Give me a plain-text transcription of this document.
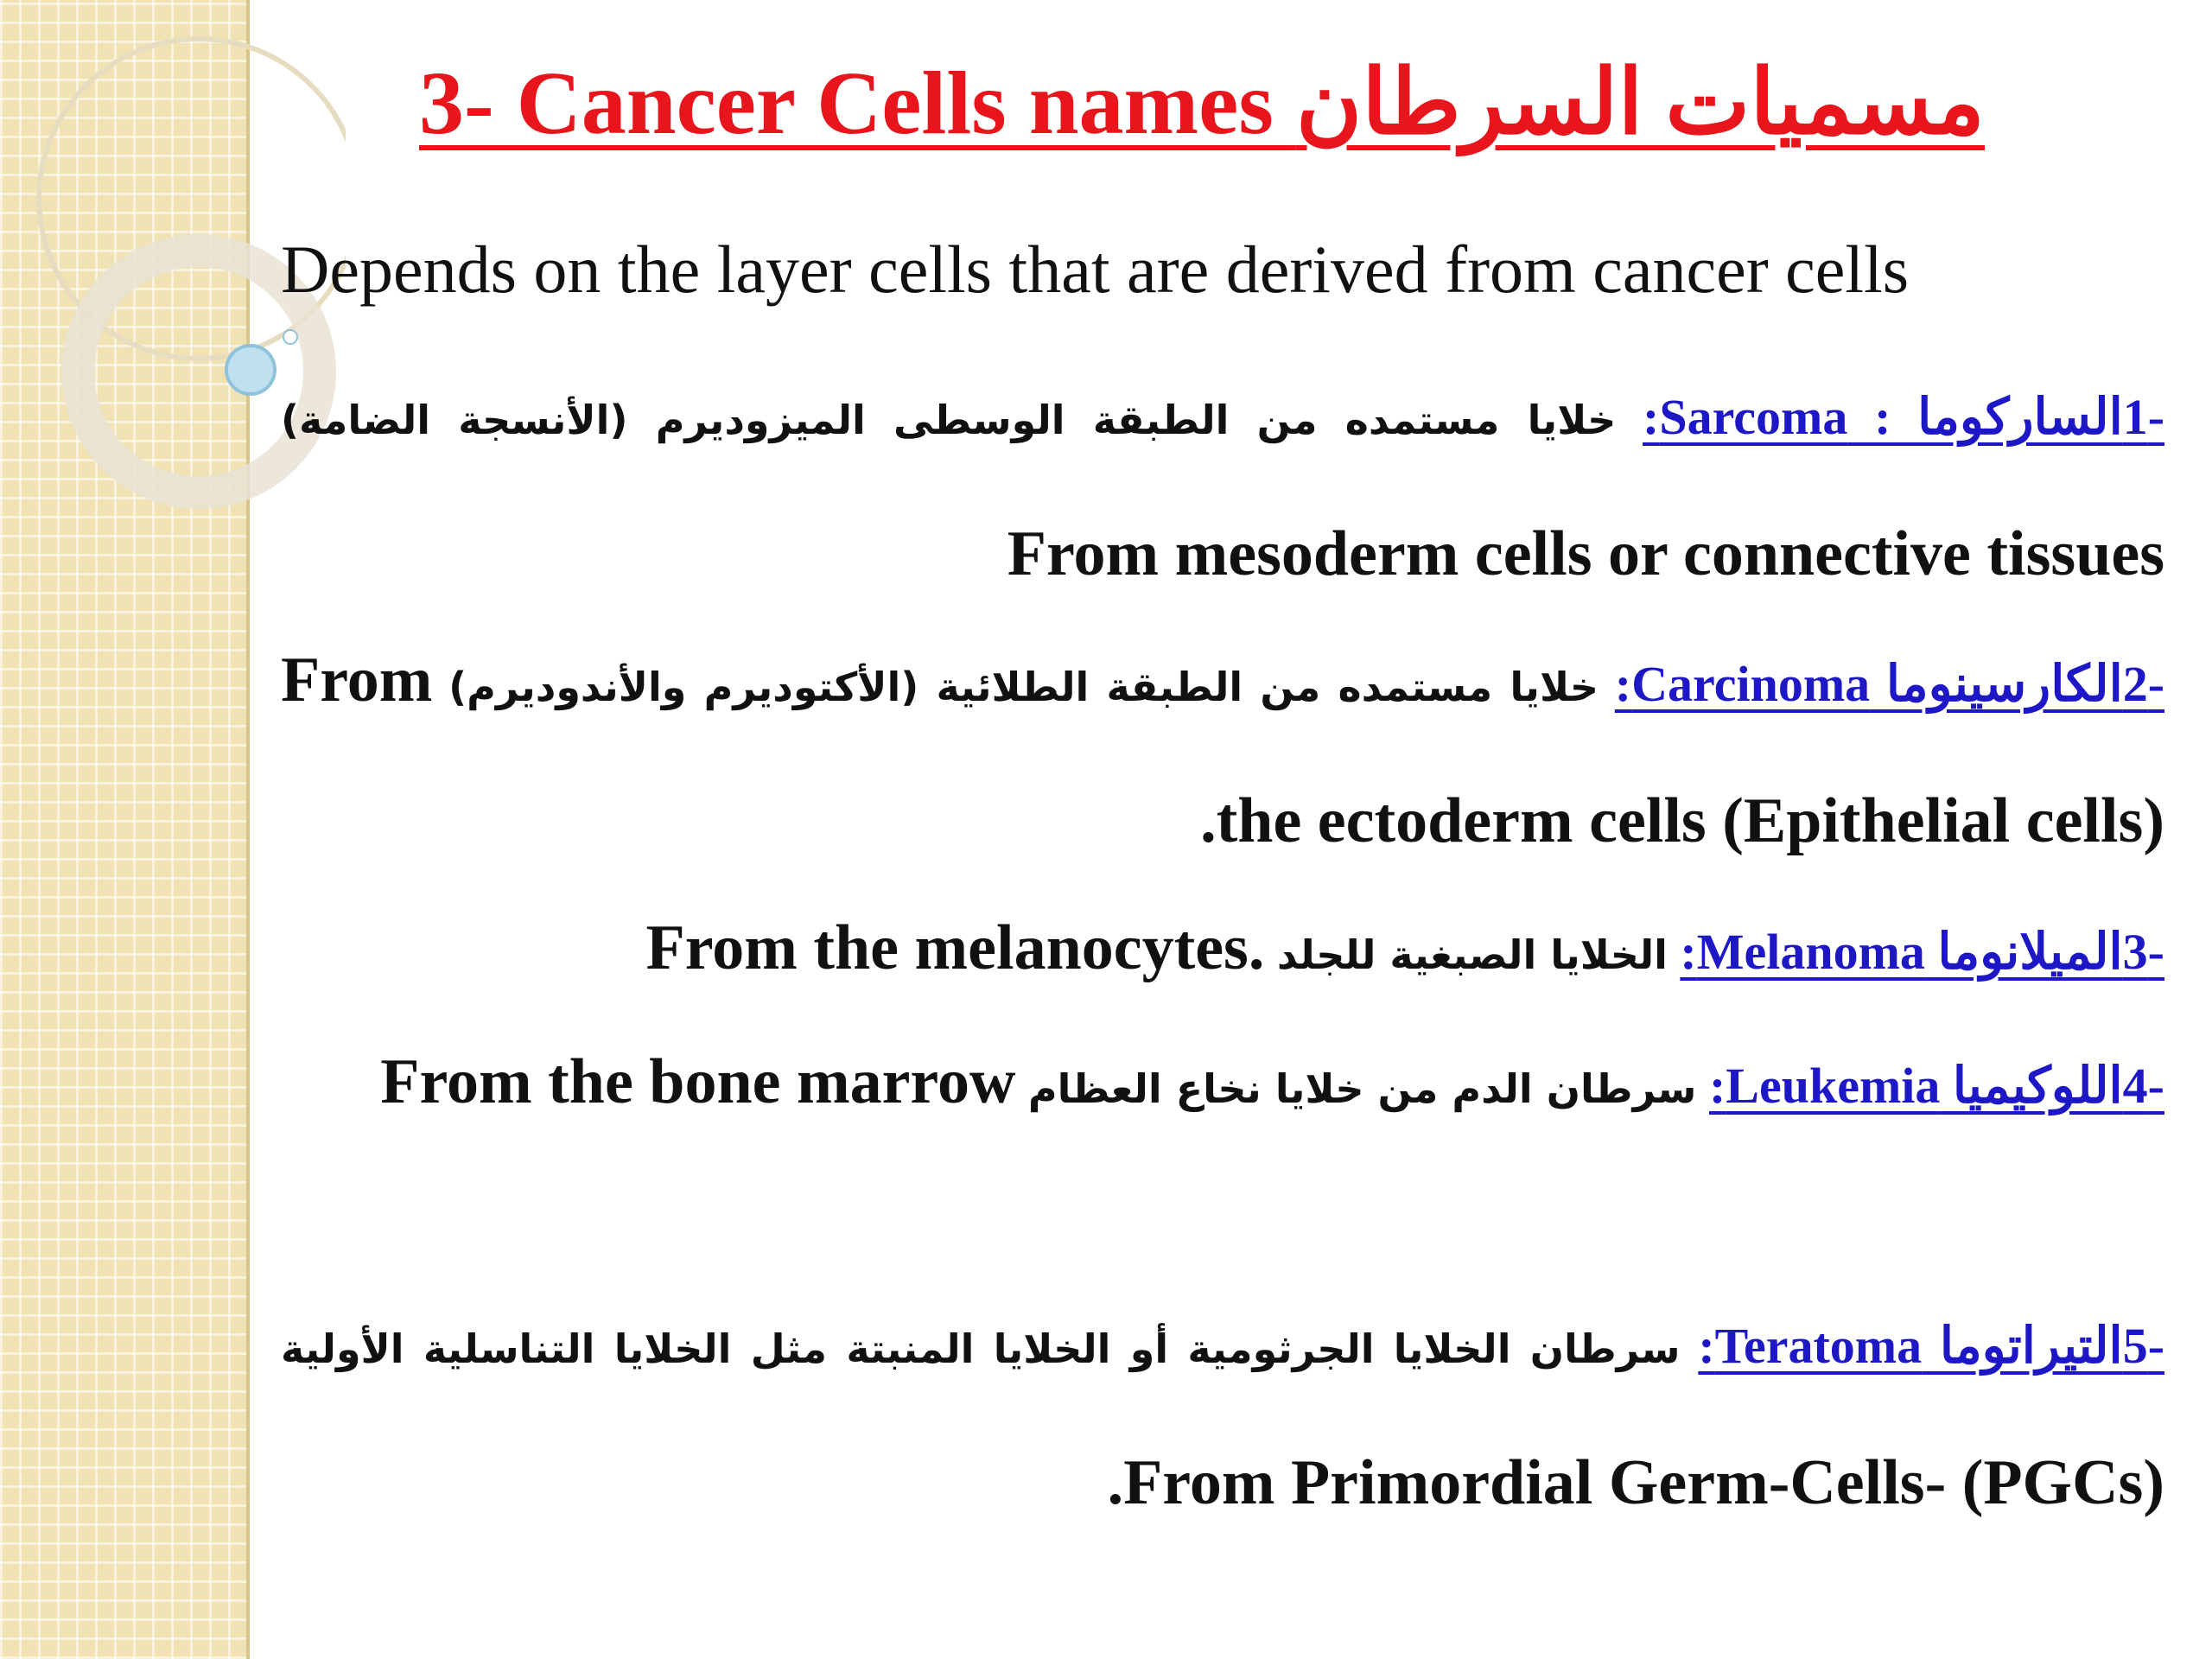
3- Cancer Cells names مسميات السرطان
Depends on the layer cells that are derived from cancer cells
-1الساركوما : Sarcoma: خلايا مستمده من الطبقة الوسطى الميزوديرم (الأنسجة الضامة) From mesoderm cells or connective tissues
-2الكارسينوما Carcinoma: خلايا مستمده من الطبقة الطلائية (الأكتوديرم والأندوديرم) From the ectoderm cells (Epithelial cells).
-3الميلانوما Melanoma: الخلايا الصبغية للجلد .From the melanocytes
-4اللوكيميا Leukemia: سرطان الدم من خلايا نخاع العظام From the bone marrow
-5التيراتوما Teratoma: سرطان الخلايا الجرثومية أو الخلايا المنبتة مثل الخلايا التناسلية الأولية From Primordial Germ-Cells- (PGCs).
